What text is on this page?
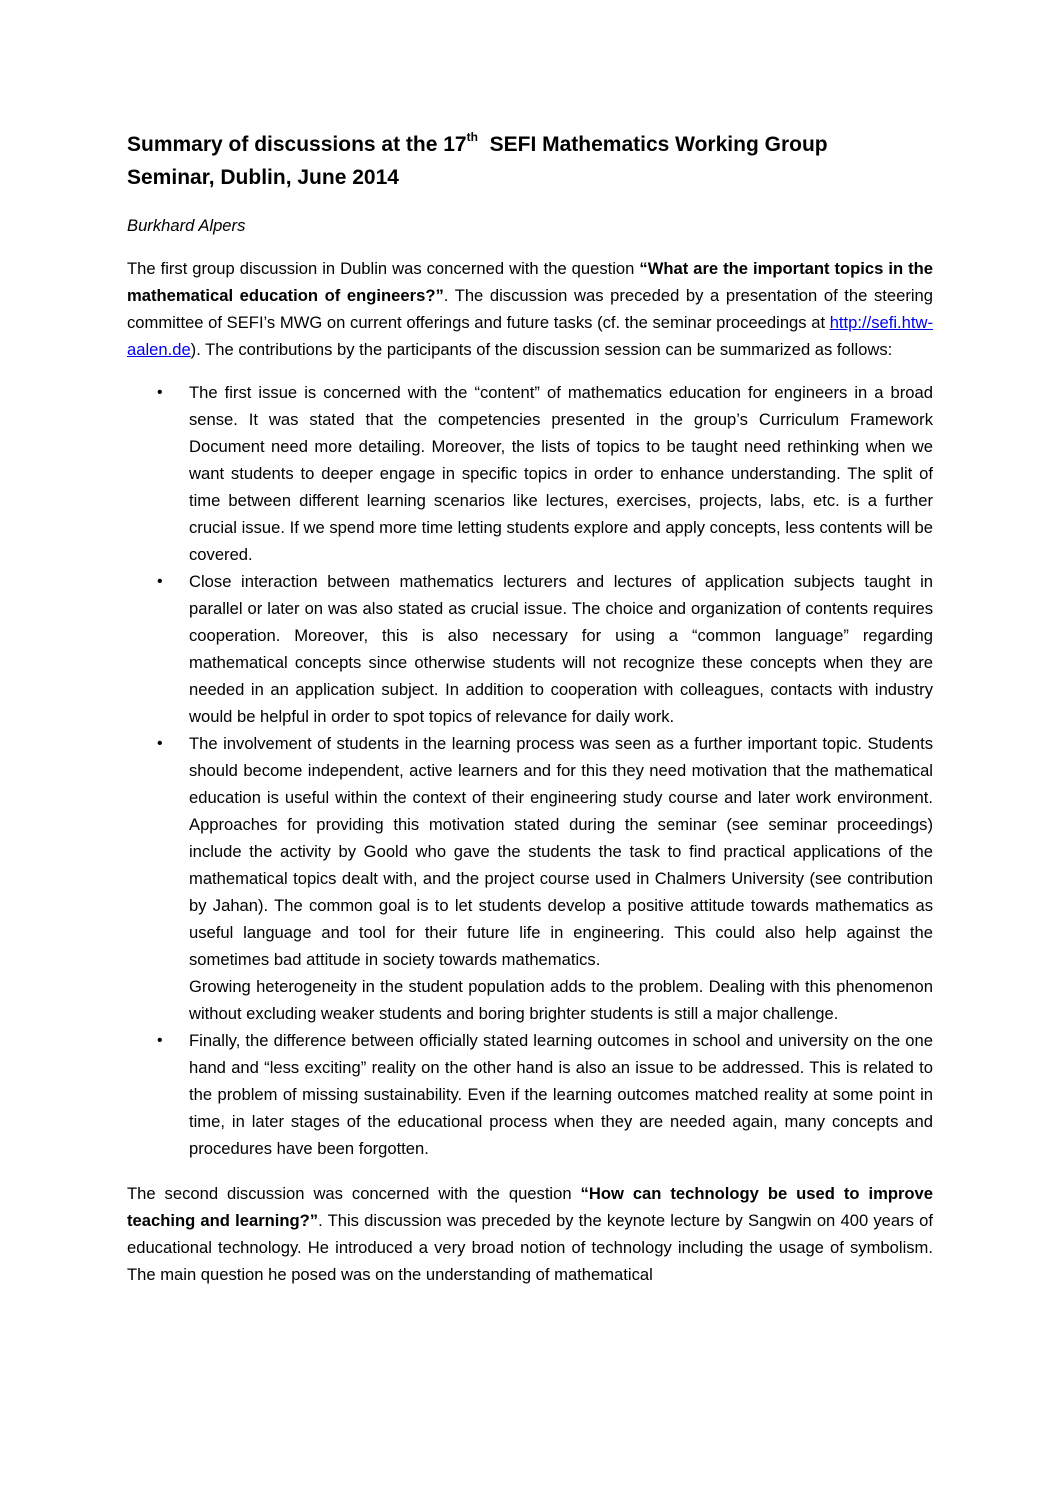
Summary of discussions at the 17th  SEFI Mathematics Working Group
Seminar, Dublin, June 2014

Burkhard Alpers

The first group discussion in Dublin was concerned with the question “What are the important topics in the mathematical education of engineers?”. The discussion was preceded by a presentation of the steering committee of SEFI’s MWG on current offerings and future tasks (cf. the seminar proceedings at http://sefi.htw-aalen.de). The contributions by the participants of the discussion session can be summarized as follows:

• The first issue is concerned with the “content” of mathematics education for engineers in a broad sense. It was stated that the competencies presented in the group’s Curriculum Framework Document need more detailing. Moreover, the lists of topics to be taught need rethinking when we want students to deeper engage in specific topics in order to enhance understanding. The split of time between different learning scenarios like lectures, exercises, projects, labs, etc. is a further crucial issue. If we spend more time letting students explore and apply concepts, less contents will be covered.
• Close interaction between mathematics lecturers and lectures of application subjects taught in parallel or later on was also stated as crucial issue. The choice and organization of contents requires cooperation. Moreover, this is also necessary for using a “common language” regarding mathematical concepts since otherwise students will not recognize these concepts when they are needed in an application subject. In addition to cooperation with colleagues, contacts with industry would be helpful in order to spot topics of relevance for daily work.
• The involvement of students in the learning process was seen as a further important topic. Students should become independent, active learners and for this they need motivation that the mathematical education is useful within the context of their engineering study course and later work environment. Approaches for providing this motivation stated during the seminar (see seminar proceedings) include the activity by Goold who gave the students the task to find practical applications of the mathematical topics dealt with, and the project course used in Chalmers University (see contribution by Jahan). The common goal is to let students develop a positive attitude towards mathematics as useful language and tool for their future life in engineering. This could also help against the sometimes bad attitude in society towards mathematics.

Growing heterogeneity in the student population adds to the problem. Dealing with this phenomenon without excluding weaker students and boring brighter students is still a major challenge.

• Finally, the difference between officially stated learning outcomes in school and university on the one hand and “less exciting” reality on the other hand is also an issue to be addressed. This is related to the problem of missing sustainability. Even if the learning outcomes matched reality at some point in time, in later stages of the educational process when they are needed again, many concepts and procedures have been forgotten.

The second discussion was concerned with the question “How can technology be used to improve teaching and learning?”. This discussion was preceded by the keynote lecture by Sangwin on 400 years of educational technology. He introduced a very broad notion of technology including the usage of symbolism. The main question he posed was on the understanding of mathematical
